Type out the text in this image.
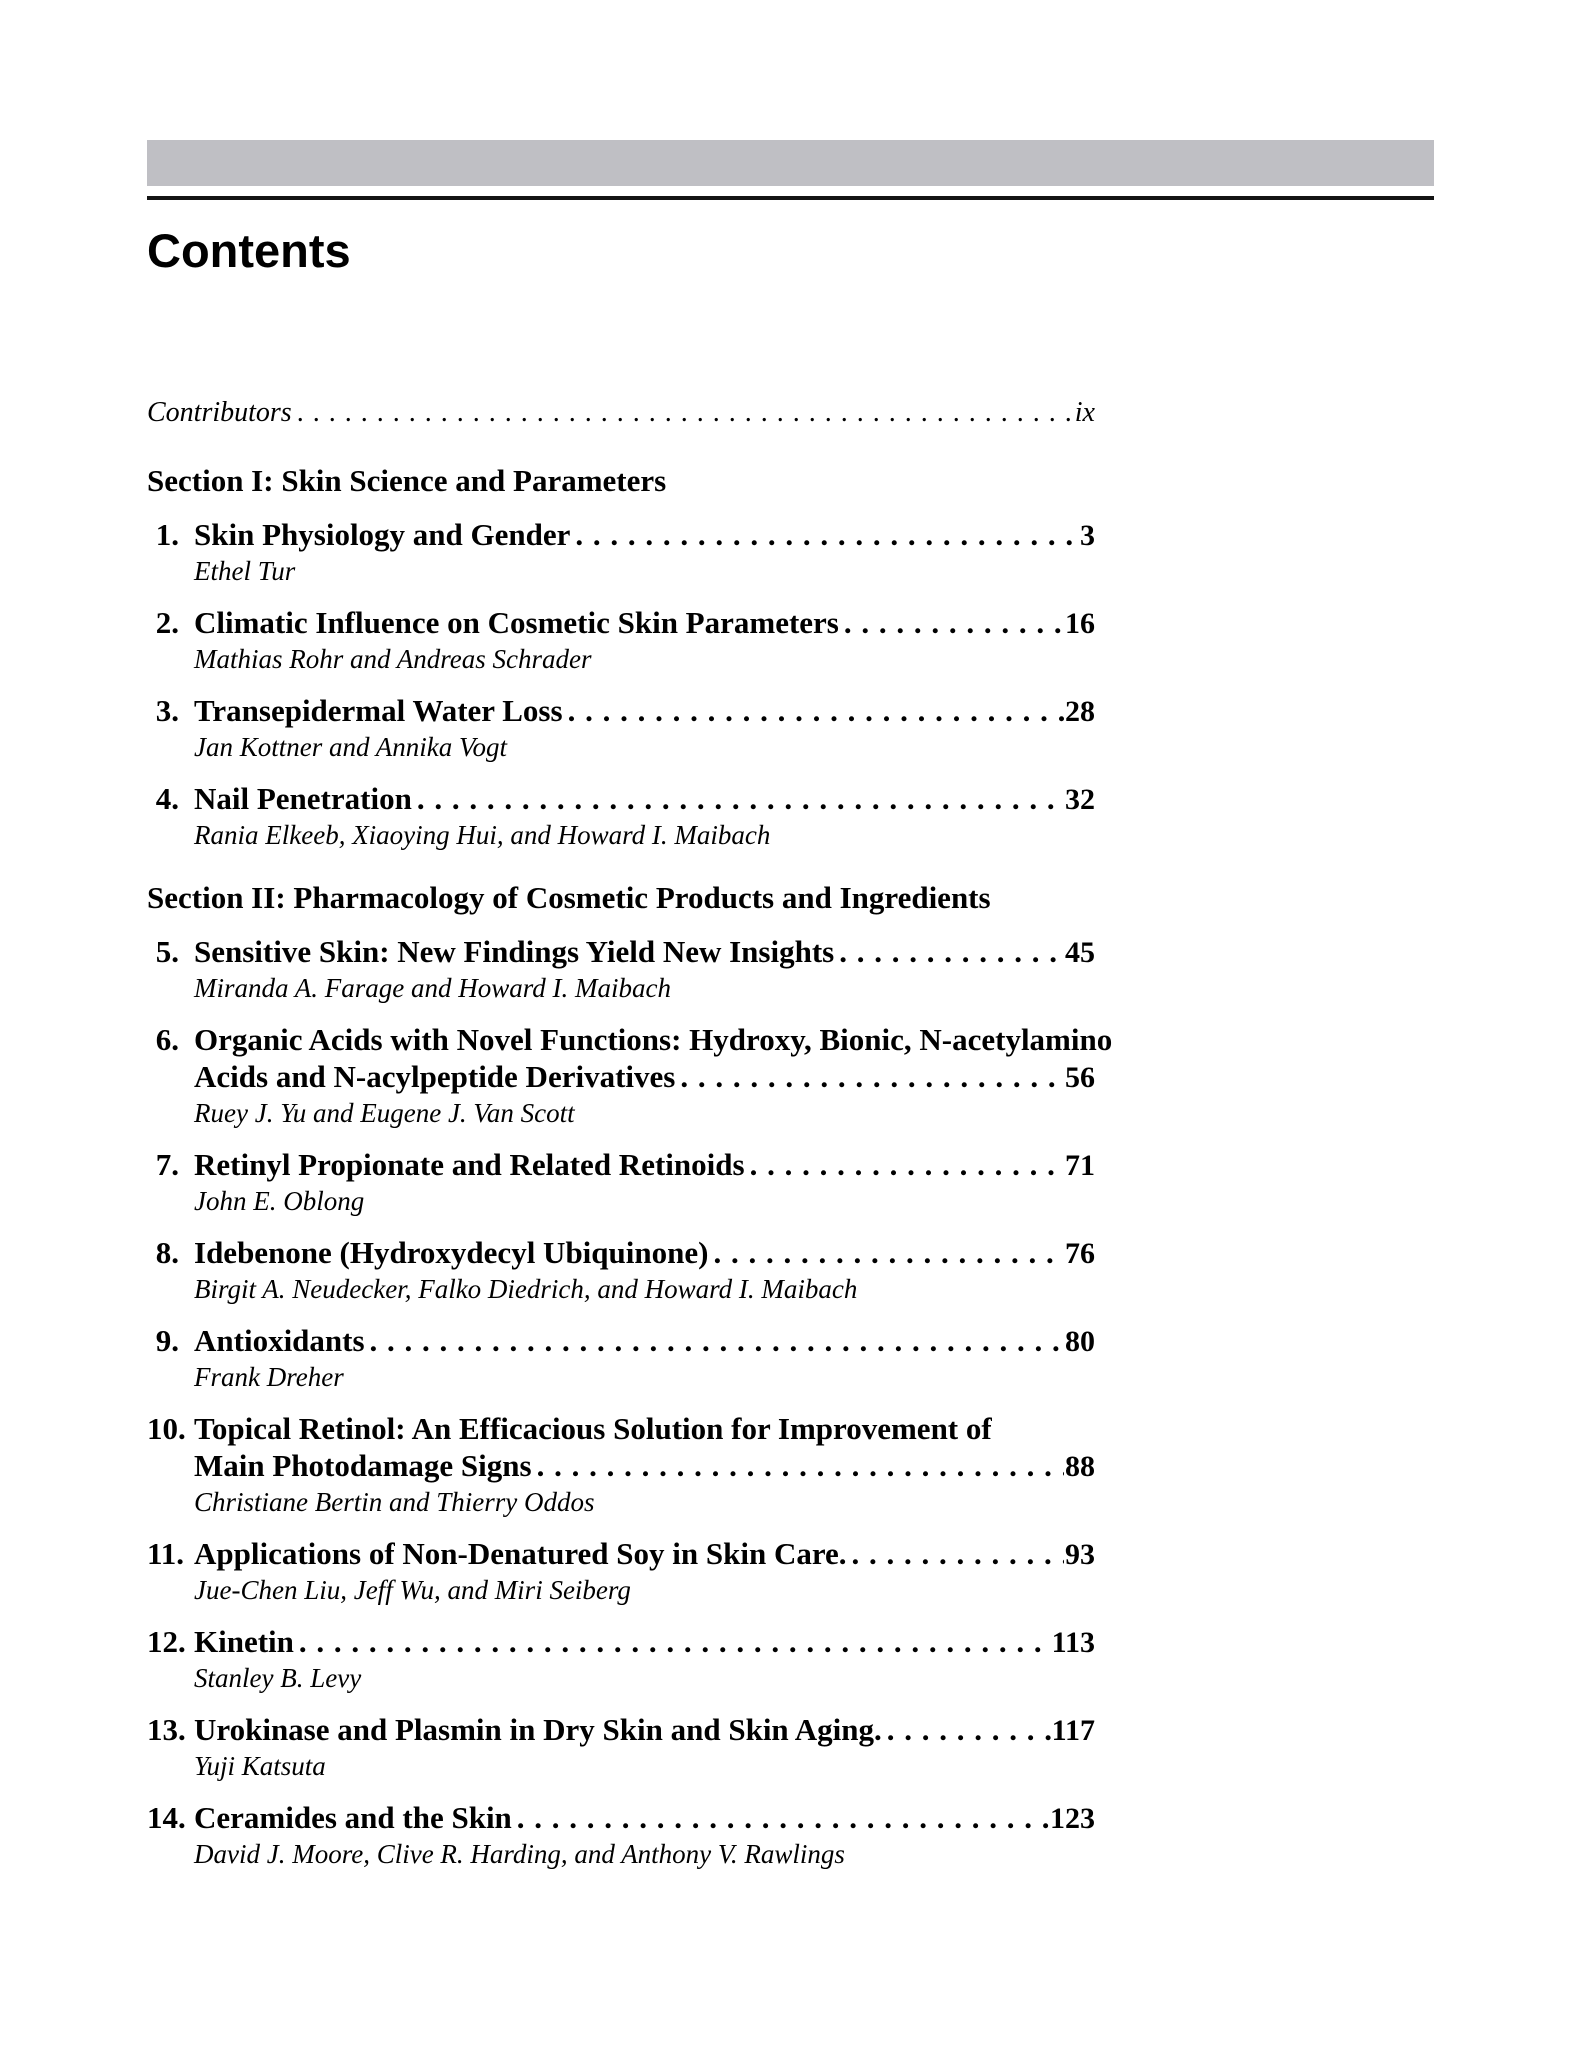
Contents
Contributors . . .	ix
Section I: Skin Science and Parameters
1. Skin Physiology and Gender . . .	3
Ethel Tur
2. Climatic Influence on Cosmetic Skin Parameters . . .	16
Mathias Rohr and Andreas Schrader
3. Transepidermal Water Loss . . .	28
Jan Kottner and Annika Vogt
4. Nail Penetration . . .	32
Rania Elkeeb, Xiaoying Hui, and Howard I. Maibach
Section II: Pharmacology of Cosmetic Products and Ingredients
5. Sensitive Skin: New Findings Yield New Insights . . .	45
Miranda A. Farage and Howard I. Maibach
6. Organic Acids with Novel Functions: Hydroxy, Bionic, N-acetylamino
Acids and N-acylpeptide Derivatives . . .	56
Ruey J. Yu and Eugene J. Van Scott
7. Retinyl Propionate and Related Retinoids . . .	71
John E. Oblong
8. Idebenone (Hydroxydecyl Ubiquinone) . . .	76
Birgit A. Neudecker, Falko Diedrich, and Howard I. Maibach
9. Antioxidants . . .	80
Frank Dreher
10. Topical Retinol: An Efficacious Solution for Improvement of
Main Photodamage Signs . . .	88
Christiane Bertin and Thierry Oddos
11. Applications of Non-Denatured Soy in Skin Care. . . .	93
Jue-Chen Liu, Jeff Wu, and Miri Seiberg
12. Kinetin . . .	113
Stanley B. Levy
13. Urokinase and Plasmin in Dry Skin and Skin Aging. . . .	117
Yuji Katsuta
14. Ceramides and the Skin . . .	123
David J. Moore, Clive R. Harding, and Anthony V. Rawlings
